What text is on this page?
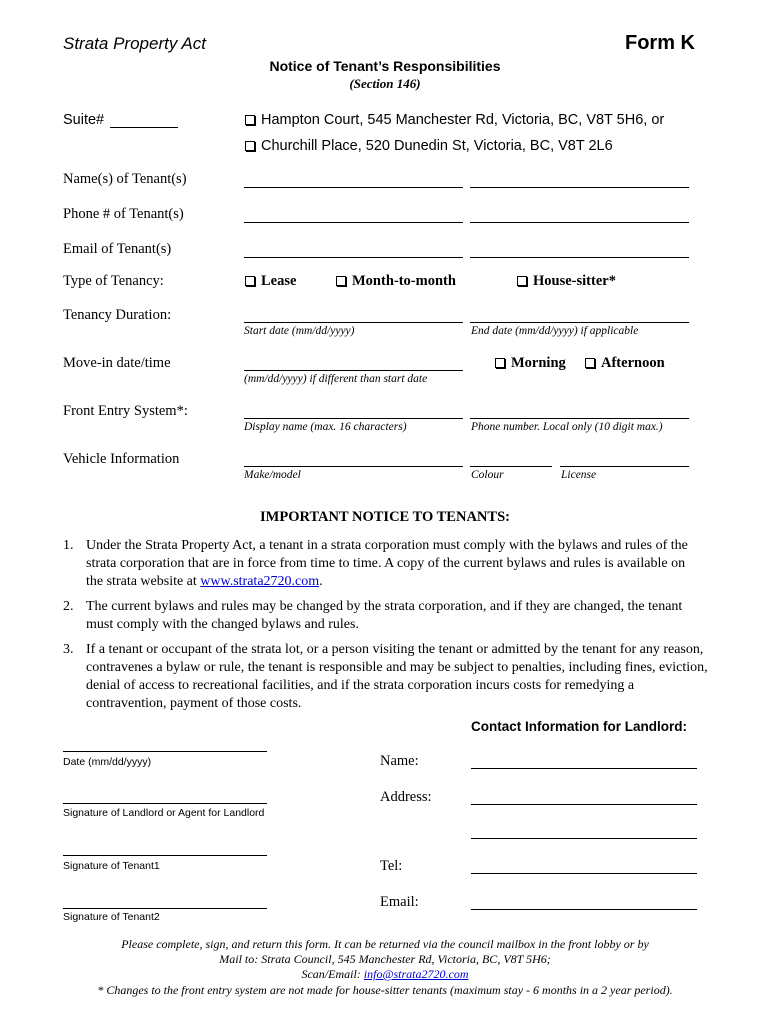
Strata Property Act	Form K
Notice of Tenant’s Responsibilities
(Section 146)
Suite#	Hampton Court, 545 Manchester Rd, Victoria, BC, V8T 5H6, or
Churchill Place, 520 Dunedin St, Victoria, BC, V8T 2L6
Name(s) of Tenant(s)
Phone # of Tenant(s)
Email of Tenant(s)
Type of Tenancy:	Lease	Month-to-month	House-sitter*
Tenancy Duration:
Start date (mm/dd/yyyy)	End date (mm/dd/yyyy) if applicable
Move-in date/time
(mm/dd/yyyy) if different than start date
Morning	Afternoon
Front Entry System*:
Display name (max. 16 characters)	Phone number. Local only (10 digit max.)
Vehicle Information
Make/model	Colour	License
IMPORTANT NOTICE TO TENANTS:
1. Under the Strata Property Act, a tenant in a strata corporation must comply with the bylaws and rules of the strata corporation that are in force from time to time. A copy of the current bylaws and rules is available on the strata website at www.strata2720.com.
2. The current bylaws and rules may be changed by the strata corporation, and if they are changed, the tenant must comply with the changed bylaws and rules.
3. If a tenant or occupant of the strata lot, or a person visiting the tenant or admitted by the tenant for any reason, contravenes a bylaw or rule, the tenant is responsible and may be subject to penalties, including fines, eviction, denial of access to recreational facilities, and if the strata corporation incurs costs for remedying a contravention, payment of those costs.
Contact Information for Landlord:
Date (mm/dd/yyyy)
Signature of Landlord or Agent for Landlord
Signature of Tenant1
Signature of Tenant2
Name:
Address:
Tel:
Email:
Please complete, sign, and return this form. It can be returned via the council mailbox in the front lobby or by
Mail to: Strata Council, 545 Manchester Rd, Victoria, BC, V8T 5H6;
Scan/Email: info@strata2720.com
* Changes to the front entry system are not made for house-sitter tenants (maximum stay - 6 months in a 2 year period).
